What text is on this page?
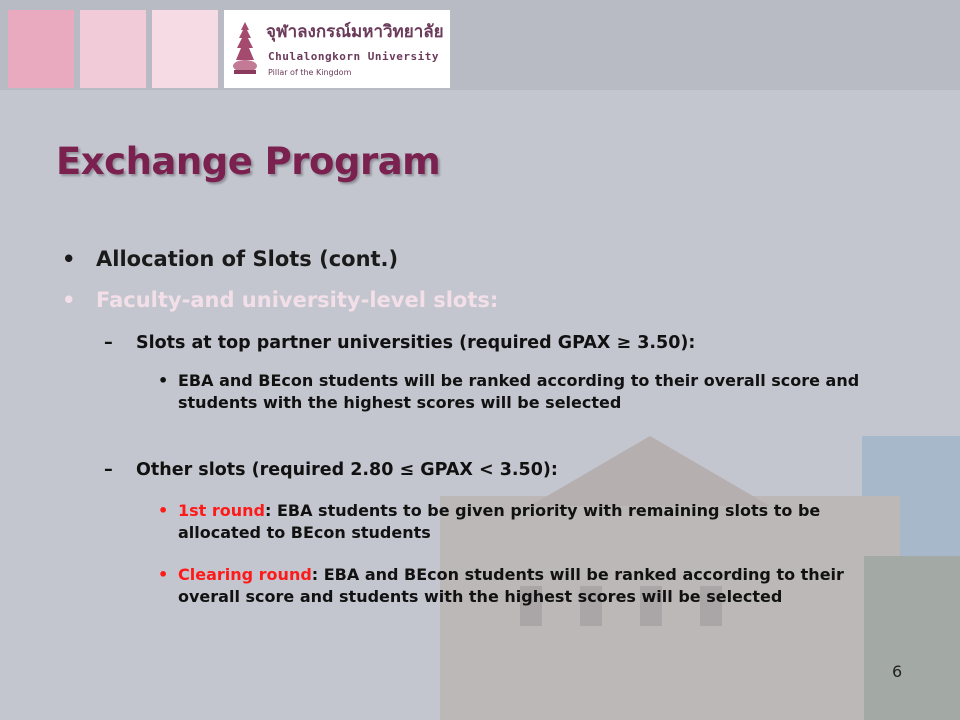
จุฬาลงกรณ์มหาวิทยาลัย
Chulalongkorn University
Pillar of the Kingdom
Exchange Program
• Allocation of Slots (cont.)
• Faculty-and university-level slots:
– Slots at top partner universities (required GPAX ≥ 3.50):
• EBA and BEcon students will be ranked according to their overall score and students with the highest scores will be selected
– Other slots (required 2.80 ≤ GPAX < 3.50):
• 1st round: EBA students to be given priority with remaining slots to be allocated to BEcon students
• Clearing round: EBA and BEcon students will be ranked according to their overall score and students with the highest scores will be selected
6
